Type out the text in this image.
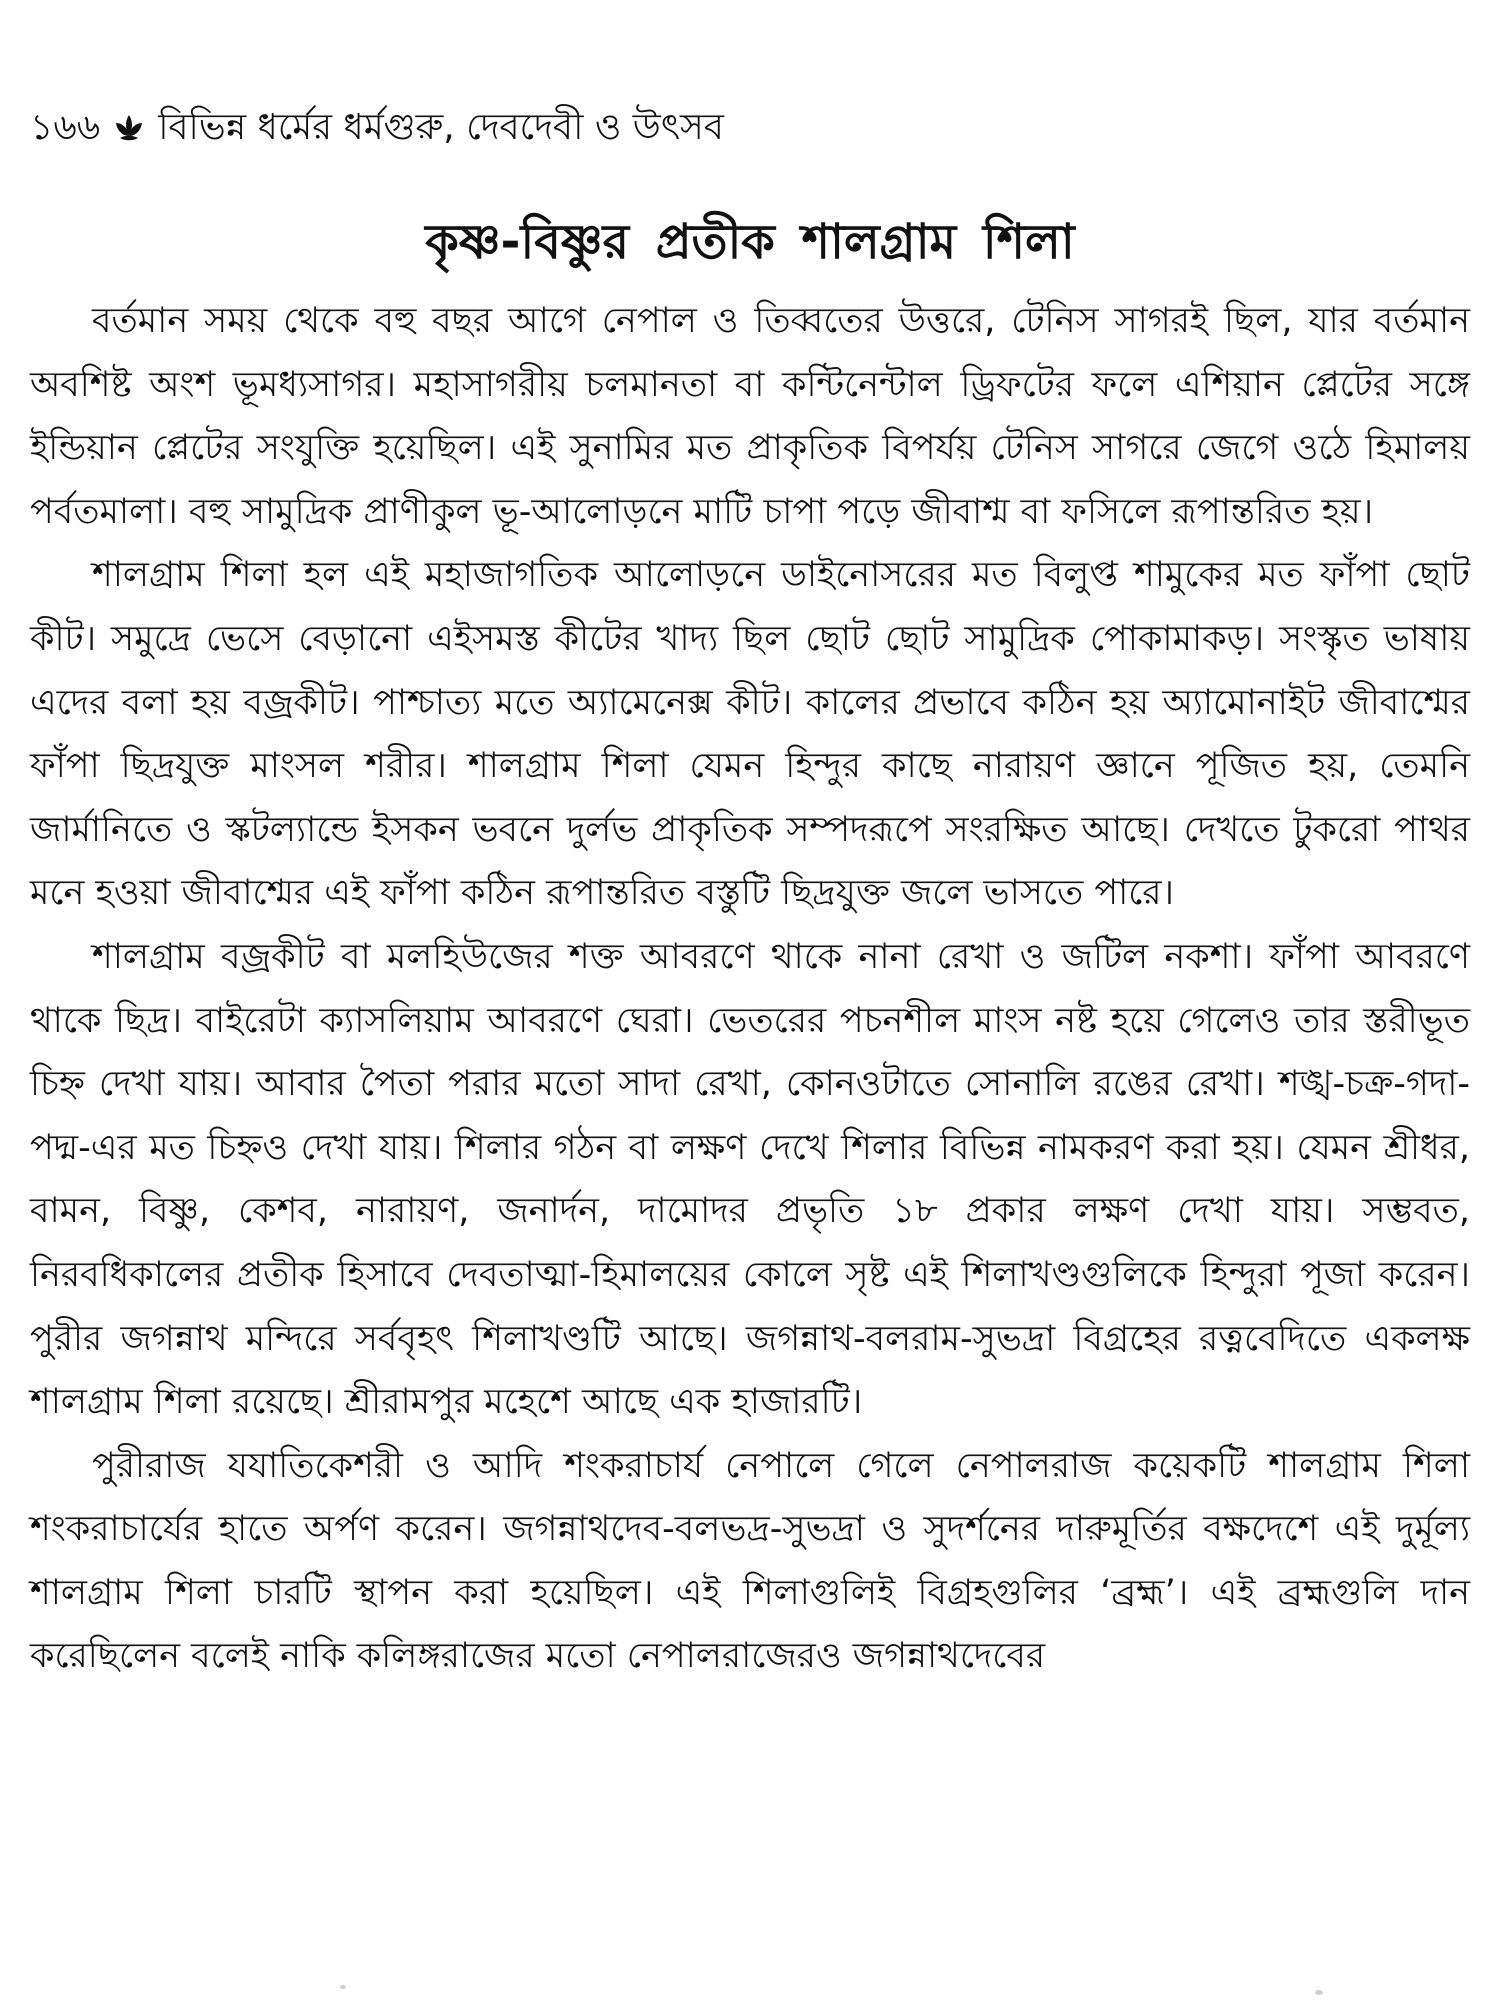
১৬৬ বিভিন্ন ধর্মের ধর্মগুরু, দেবদেবী ও উৎসব
কৃষ্ণ-বিষ্ণুর প্রতীক শালগ্রাম শিলা

বর্তমান সময় থেকে বহু বছর আগে নেপাল ও তিব্বতের উত্তরে, টেনিস সাগরই ছিল, যার বর্তমান অবশিষ্ট অংশ ভূমধ্যসাগর। মহাসাগরীয় চলমানতা বা কন্টিনেন্টাল ড্রিফটের ফলে এশিয়ান প্লেটের সঙ্গে ইন্ডিয়ান প্লেটের সংযুক্তি হয়েছিল। এই সুনামির মত প্রাকৃতিক বিপর্যয় টেনিস সাগরে জেগে ওঠে হিমালয় পর্বতমালা। বহু সামুদ্রিক প্রাণীকুল ভূ-আলোড়নে মাটি চাপা পড়ে জীবাশ্ম বা ফসিলে রূপান্তরিত হয়।

শালগ্রাম শিলা হল এই মহাজাগতিক আলোড়নে ডাইনোসরের মত বিলুপ্ত শামুকের মত ফাঁপা ছোট কীট। সমুদ্রে ভেসে বেড়ানো এইসমস্ত কীটের খাদ্য ছিল ছোট ছোট সামুদ্রিক পোকামাকড়। সংস্কৃত ভাষায় এদের বলা হয় বজ্রকীট। পাশ্চাত্য মতে অ্যামেনেক্স কীট। কালের প্রভাবে কঠিন হয় অ্যামোনাইট জীবাশ্মের ফাঁপা ছিদ্রযুক্ত মাংসল শরীর। শালগ্রাম শিলা যেমন হিন্দুর কাছে নারায়ণ জ্ঞানে পূজিত হয়, তেমনি জার্মানিতে ও স্কটল্যান্ডে ইসকন ভবনে দুর্লভ প্রাকৃতিক সম্পদরূপে সংরক্ষিত আছে। দেখতে টুকরো পাথর মনে হওয়া জীবাশ্মের এই ফাঁপা কঠিন রূপান্তরিত বস্তুটি ছিদ্রযুক্ত জলে ভাসতে পারে।

শালগ্রাম বজ্রকীট বা মলহিউজের শক্ত আবরণে থাকে নানা রেখা ও জটিল নকশা। ফাঁপা আবরণে থাকে ছিদ্র। বাইরেটা ক্যাসলিয়াম আবরণে ঘেরা। ভেতরের পচনশীল মাংস নষ্ট হয়ে গেলেও তার স্তরীভূত চিহ্ন দেখা যায়। আবার পৈতা পরার মতো সাদা রেখা, কোনওটাতে সোনালি রঙের রেখা। শঙ্খ-চক্র-গদা-পদ্ম-এর মত চিহ্নও দেখা যায়। শিলার গঠন বা লক্ষণ দেখে শিলার বিভিন্ন নামকরণ করা হয়। যেমন শ্রীধর, বামন, বিষ্ণু, কেশব, নারায়ণ, জনার্দন, দামোদর প্রভৃতি ১৮ প্রকার লক্ষণ দেখা যায়। সম্ভবত, নিরবধিকালের প্রতীক হিসাবে দেবতাত্মা-হিমালয়ের কোলে সৃষ্ট এই শিলাখণ্ডগুলিকে হিন্দুরা পূজা করেন। পুরীর জগন্নাথ মন্দিরে সর্ববৃহৎ শিলাখণ্ডটি আছে। জগন্নাথ-বলরাম-সুভদ্রা বিগ্রহের রত্নবেদিতে একলক্ষ শালগ্রাম শিলা রয়েছে। শ্রীরামপুর মহেশে আছে এক হাজারটি।

পুরীরাজ যযাতিকেশরী ও আদি শংকরাচার্য নেপালে গেলে নেপালরাজ কয়েকটি শালগ্রাম শিলা শংকরাচার্যের হাতে অর্পণ করেন। জগন্নাথদেব-বলভদ্র-সুভদ্রা ও সুদর্শনের দারুমূর্তির বক্ষদেশে এই দুর্মূল্য শালগ্রাম শিলা চারটি স্থাপন করা হয়েছিল। এই শিলাগুলিই বিগ্রহগুলির ‘ব্রহ্ম’। এই ব্রহ্মগুলি দান করেছিলেন বলেই নাকি কলিঙ্গরাজের মতো নেপালরাজেরও জগন্নাথদেবের
